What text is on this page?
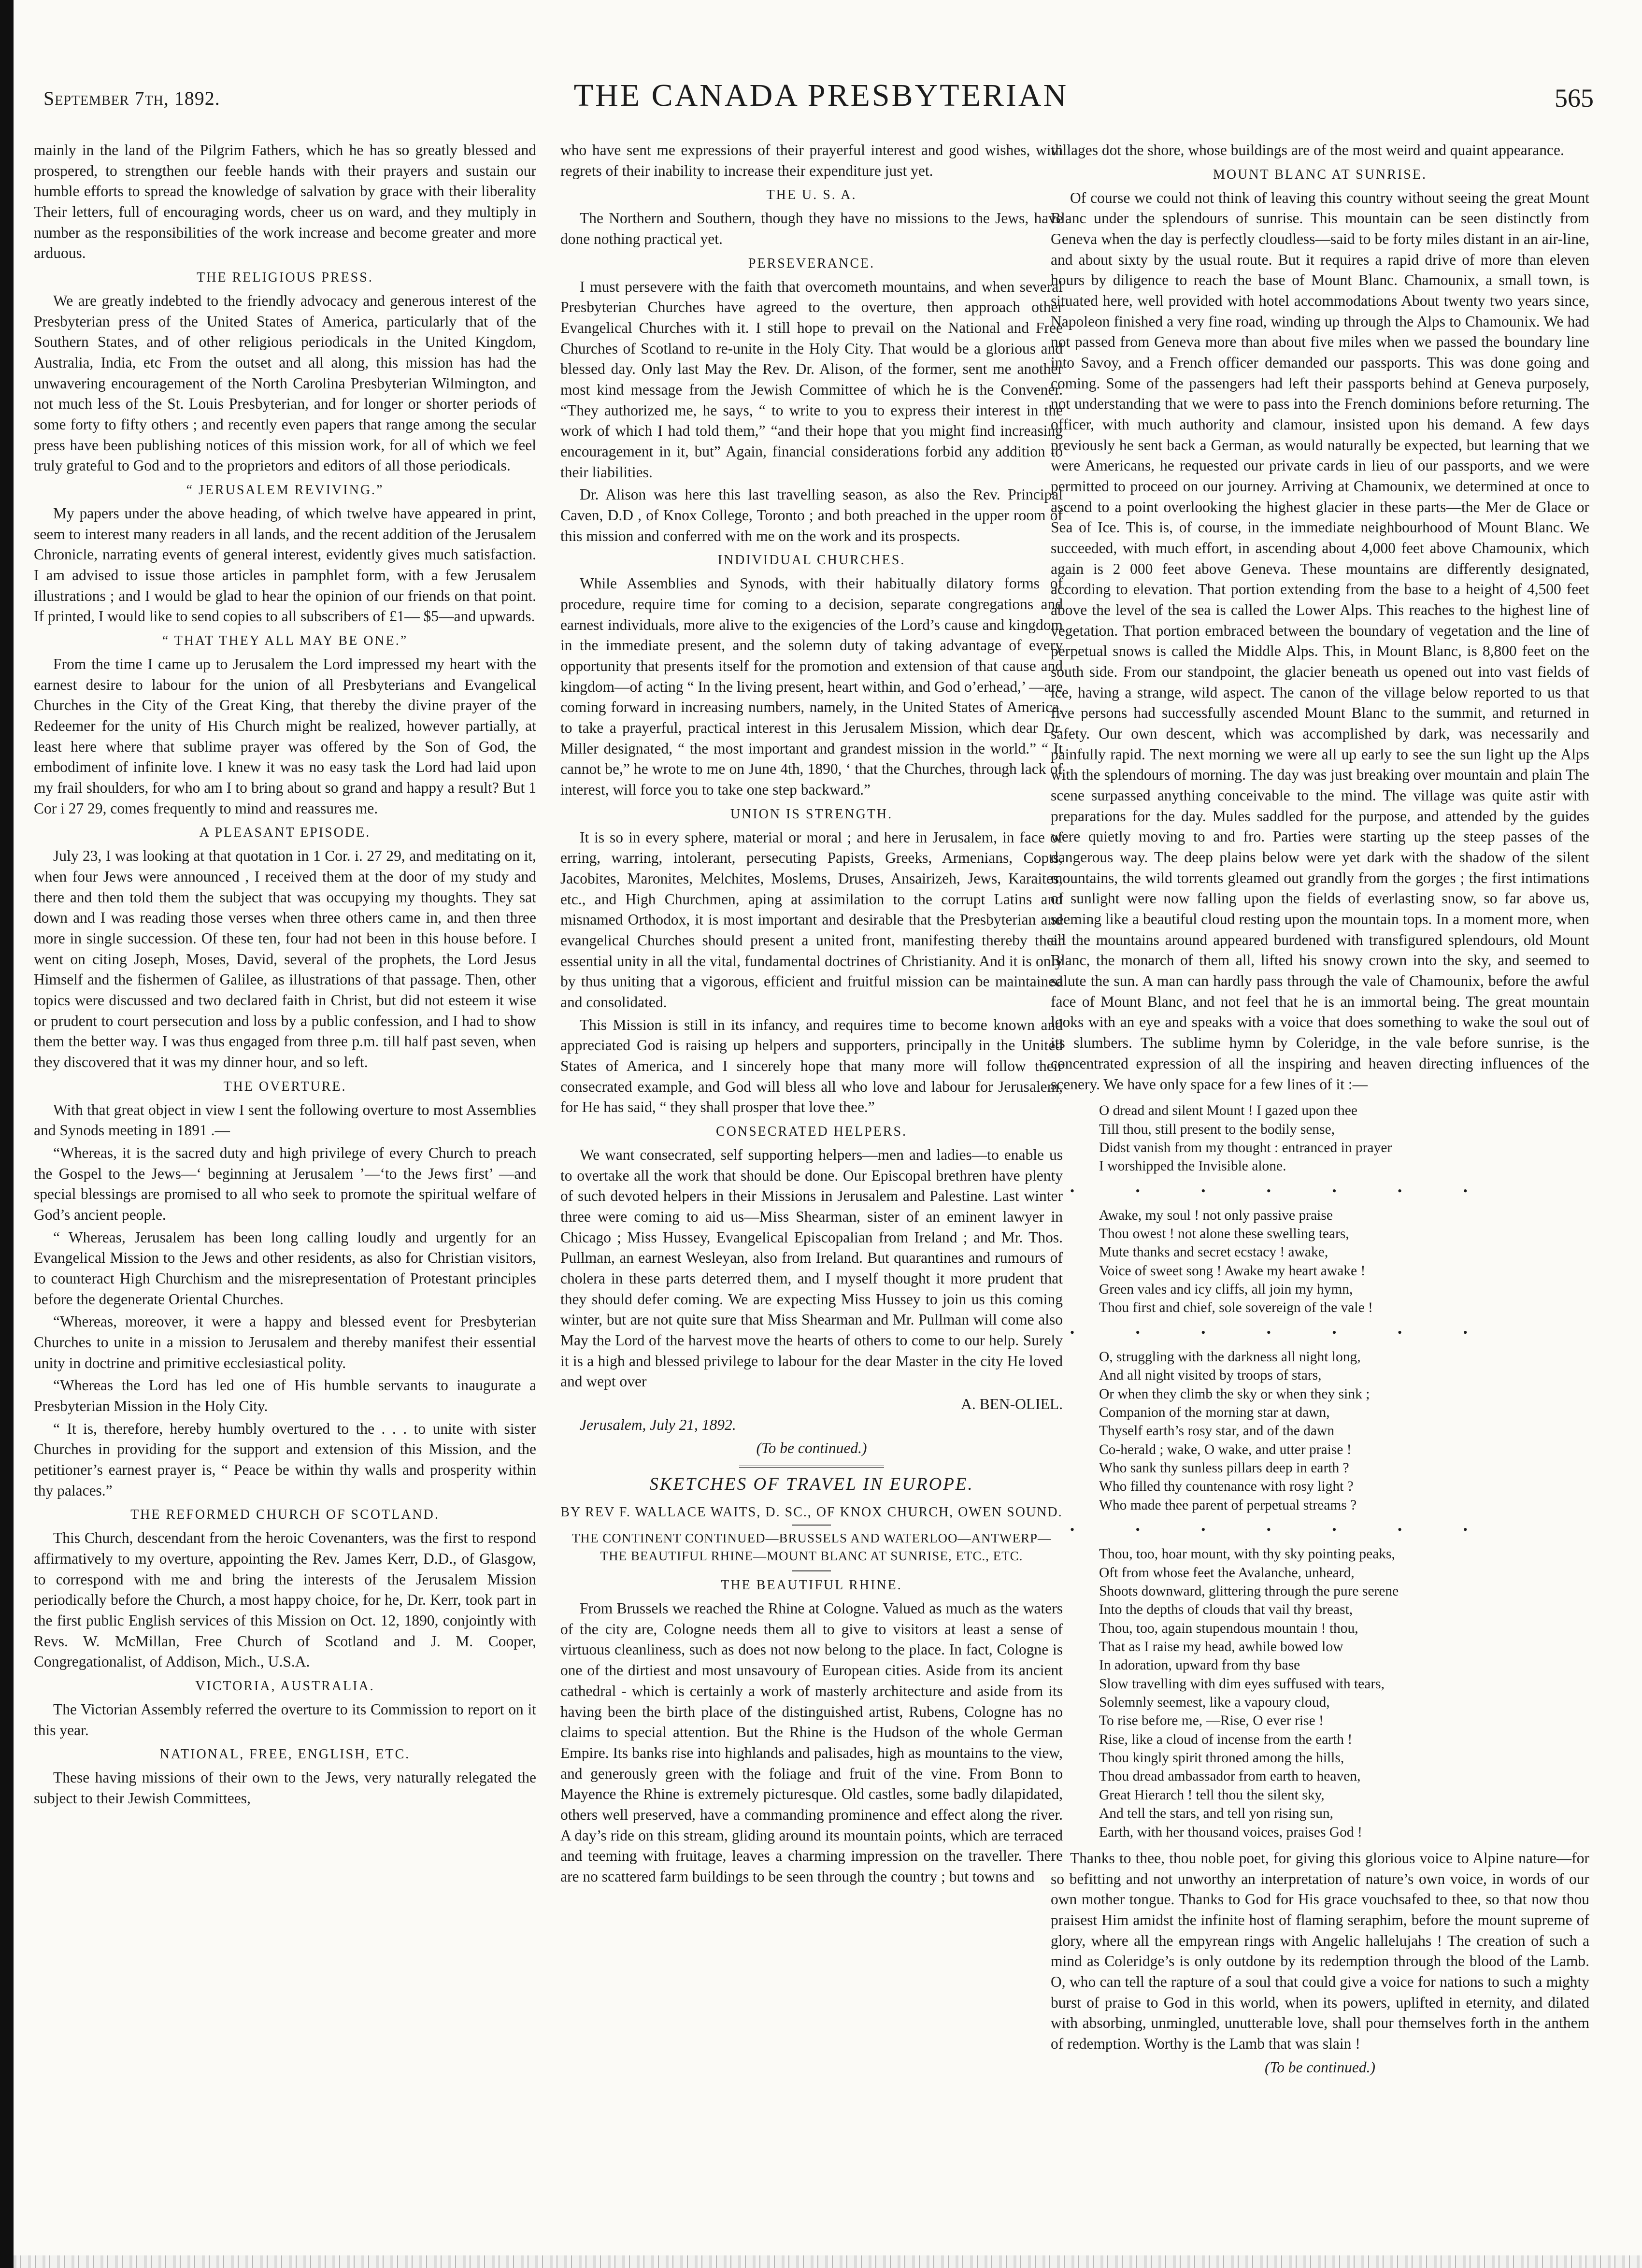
September 7th, 1892.	THE CANADA PRESBYTERIAN	565

mainly in the land of the Pilgrim Fathers, which he has so greatly blessed and prospered, to strengthen our feeble hands with their prayers and sustain our humble efforts to spread the knowledge of salvation by grace with their liberality Their letters, full of encouraging words, cheer us on ward, and they multiply in number as the responsibilities of the work increase and become greater and more arduous.

THE RELIGIOUS PRESS.

We are greatly indebted to the friendly advocacy and generous interest of the Presbyterian press of the United States of America, particularly that of the Southern States, and of other religious periodicals in the United Kingdom, Australia, India, etc From the outset and all along, this mission has had the unwavering encouragement of the North Carolina Presbyterian Wilmington, and not much less of the St. Louis Presbyterian, and for longer or shorter periods of some forty to fifty others ; and recently even papers that range among the secular press have been publishing notices of this mission work, for all of which we feel truly grateful to God and to the proprietors and editors of all those periodicals.

“ JERUSALEM REVIVING.”

My papers under the above heading, of which twelve have appeared in print, seem to interest many readers in all lands, and the recent addition of the Jerusalem Chronicle, narrating events of general interest, evidently gives much satisfaction. I am advised to issue those articles in pamphlet form, with a few Jerusalem illustrations ; and I would be glad to hear the opinion of our friends on that point. If printed, I would like to send copies to all subscribers of £1— $5—and upwards.

“ THAT THEY ALL MAY BE ONE.”

From the time I came up to Jerusalem the Lord impressed my heart with the earnest desire to labour for the union of all Presbyterians and Evangelical Churches in the City of the Great King, that thereby the divine prayer of the Redeemer for the unity of His Church might be realized, however partially, at least here where that sublime prayer was offered by the Son of God, the embodiment of infinite love. I knew it was no easy task the Lord had laid upon my frail shoulders, for who am I to bring about so grand and happy a result? But 1 Cor i 27 29, comes frequently to mind and reassures me.

A PLEASANT EPISODE.

July 23, I was looking at that quotation in 1 Cor. i. 27 29, and meditating on it, when four Jews were announced , I received them at the door of my study and there and then told them the subject that was occupying my thoughts. They sat down and I was reading those verses when three others came in, and then three more in single succession. Of these ten, four had not been in this house before. I went on citing Joseph, Moses, David, several of the prophets, the Lord Jesus Himself and the fishermen of Galilee, as illustrations of that passage. Then, other topics were discussed and two declared faith in Christ, but did not esteem it wise or prudent to court persecution and loss by a public confession, and I had to show them the better way. I was thus engaged from three p.m. till half past seven, when they discovered that it was my dinner hour, and so left.

THE OVERTURE.

With that great object in view I sent the following overture to most Assemblies and Synods meeting in 1891 .—

“Whereas, it is the sacred duty and high privilege of every Church to preach the Gospel to the Jews—‘ beginning at Jerusalem ’—‘to the Jews first’ —and special blessings are promised to all who seek to promote the spiritual welfare of God’s ancient people.

“ Whereas, Jerusalem has been long calling loudly and urgently for an Evangelical Mission to the Jews and other residents, as also for Christian visitors, to counteract High Churchism and the misrepresentation of Protestant principles before the degenerate Oriental Churches.

“Whereas, moreover, it were a happy and blessed event for Presbyterian Churches to unite in a mission to Jerusalem and thereby manifest their essential unity in doctrine and primitive ecclesiastical polity.

“Whereas the Lord has led one of His humble servants to inaugurate a Presbyterian Mission in the Holy City.

“ It is, therefore, hereby humbly overtured to the . . . to unite with sister Churches in providing for the support and extension of this Mission, and the petitioner’s earnest prayer is, “ Peace be within thy walls and prosperity within thy palaces.”

THE REFORMED CHURCH OF SCOTLAND.

This Church, descendant from the heroic Covenanters, was the first to respond affirmatively to my overture, appointing the Rev. James Kerr, D.D., of Glasgow, to correspond with me and bring the interests of the Jerusalem Mission periodically before the Church, a most happy choice, for he, Dr. Kerr, took part in the first public English services of this Mission on Oct. 12, 1890, conjointly with Revs. W. McMillan, Free Church of Scotland and J. M. Cooper, Congregationalist, of Addison, Mich., U.S.A.

VICTORIA, AUSTRALIA.

The Victorian Assembly referred the overture to its Commission to report on it this year.

NATIONAL, FREE, ENGLISH, ETC.

These having missions of their own to the Jews, very naturally relegated the subject to their Jewish Committees,

who have sent me expressions of their prayerful interest and good wishes, with regrets of their inability to increase their expenditure just yet.

THE U. S. A.

The Northern and Southern, though they have no missions to the Jews, have done nothing practical yet.

PERSEVERANCE.

I must persevere with the faith that overcometh mountains, and when several Presbyterian Churches have agreed to the overture, then approach other Evangelical Churches with it. I still hope to prevail on the National and Free Churches of Scotland to re-unite in the Holy City. That would be a glorious and blessed day. Only last May the Rev. Dr. Alison, of the former, sent me another most kind message from the Jewish Committee of which he is the Convener. “They authorized me, he says, “ to write to you to express their interest in the work of which I had told them,” “and their hope that you might find increasing encouragement in it, but” Again, financial considerations forbid any addition to their liabilities.

Dr. Alison was here this last travelling season, as also the Rev. Principal Caven, D.D , of Knox College, Toronto ; and both preached in the upper room of this mission and conferred with me on the work and its prospects.

INDIVIDUAL CHURCHES.

While Assemblies and Synods, with their habitually dilatory forms of procedure, require time for coming to a decision, separate congregations and earnest individuals, more alive to the exigencies of the Lord’s cause and kingdom in the immediate present, and the solemn duty of taking advantage of every opportunity that presents itself for the promotion and extension of that cause and kingdom—of acting “ In the living present, heart within, and God o’erhead,’ —are coming forward in increasing numbers, namely, in the United States of America, to take a prayerful, practical interest in this Jerusalem Mission, which dear Dr. Miller designated, “ the most important and grandest mission in the world.” “ It cannot be,” he wrote to me on June 4th, 1890, ‘ that the Churches, through lack of interest, will force you to take one step backward.”

UNION IS STRENGTH.

It is so in every sphere, material or moral ; and here in Jerusalem, in face of erring, warring, intolerant, persecuting Papists, Greeks, Armenians, Copts, Jacobites, Maronites, Melchites, Moslems, Druses, Ansairizeh, Jews, Karaites, etc., and High Churchmen, aping at assimilation to the corrupt Latins and misnamed Orthodox, it is most important and desirable that the Presbyterian and evangelical Churches should present a united front, manifesting thereby their essential unity in all the vital, fundamental doctrines of Christianity. And it is only by thus uniting that a vigorous, efficient and fruitful mission can be maintained and consolidated.

This Mission is still in its infancy, and requires time to become known and appreciated God is raising up helpers and supporters, principally in the United States of America, and I sincerely hope that many more will follow their consecrated example, and God will bless all who love and labour for Jerusalem, for He has said, “ they shall prosper that love thee.”

CONSECRATED HELPERS.

We want consecrated, self supporting helpers—men and ladies—to enable us to overtake all the work that should be done. Our Episcopal brethren have plenty of such devoted helpers in their Missions in Jerusalem and Palestine. Last winter three were coming to aid us—Miss Shearman, sister of an eminent lawyer in Chicago ; Miss Hussey, Evangelical Episcopalian from Ireland ; and Mr. Thos. Pullman, an earnest Wesleyan, also from Ireland. But quarantines and rumours of cholera in these parts deterred them, and I myself thought it more prudent that they should defer coming. We are expecting Miss Hussey to join us this coming winter, but are not quite sure that Miss Shearman and Mr. Pullman will come also May the Lord of the harvest move the hearts of others to come to our help. Surely it is a high and blessed privilege to labour for the dear Master in the city He loved and wept over

A. BEN-OLIEL.

Jerusalem, July 21, 1892.

(To be continued.)

SKETCHES OF TRAVEL IN EUROPE.

BY REV F. WALLACE WAITS, D. SC., OF KNOX CHURCH, OWEN SOUND.

THE CONTINENT CONTINUED—BRUSSELS AND WATERLOO—ANTWERP—THE BEAUTIFUL RHINE—MOUNT BLANC AT SUNRISE, ETC., ETC.

THE BEAUTIFUL RHINE.

From Brussels we reached the Rhine at Cologne. Valued as much as the waters of the city are, Cologne needs them all to give to visitors at least a sense of virtuous cleanliness, such as does not now belong to the place. In fact, Cologne is one of the dirtiest and most unsavoury of European cities. Aside from its ancient cathedral - which is certainly a work of masterly architecture and aside from its having been the birth place of the distinguished artist, Rubens, Cologne has no claims to special attention. But the Rhine is the Hudson of the whole German Empire. Its banks rise into highlands and palisades, high as mountains to the view, and generously green with the foliage and fruit of the vine. From Bonn to Mayence the Rhine is extremely picturesque. Old castles, some badly dilapidated, others well preserved, have a commanding prominence and effect along the river. A day’s ride on this stream, gliding around its mountain points, which are terraced and teeming with fruitage, leaves a charming impression on the traveller. There are no scattered farm buildings to be seen through the country ; but towns and

villages dot the shore, whose buildings are of the most weird and quaint appearance.

MOUNT BLANC AT SUNRISE.

Of course we could not think of leaving this country without seeing the great Mount Blanc under the splendours of sunrise. This mountain can be seen distinctly from Geneva when the day is perfectly cloudless—said to be forty miles distant in an air-line, and about sixty by the usual route. But it requires a rapid drive of more than eleven hours by diligence to reach the base of Mount Blanc. Chamounix, a small town, is situated here, well provided with hotel accommodations About twenty two years since, Napoleon finished a very fine road, winding up through the Alps to Chamounix. We had not passed from Geneva more than about five miles when we passed the boundary line into Savoy, and a French officer demanded our passports. This was done going and coming. Some of the passengers had left their passports behind at Geneva purposely, not understanding that we were to pass into the French dominions before returning. The officer, with much authority and clamour, insisted upon his demand. A few days previously he sent back a German, as would naturally be expected, but learning that we were Americans, he requested our private cards in lieu of our passports, and we were permitted to proceed on our journey. Arriving at Chamounix, we determined at once to ascend to a point overlooking the highest glacier in these parts—the Mer de Glace or Sea of Ice. This is, of course, in the immediate neighbourhood of Mount Blanc. We succeeded, with much effort, in ascending about 4,000 feet above Chamounix, which again is 2 000 feet above Geneva. These mountains are differently designated, according to elevation. That portion extending from the base to a height of 4,500 feet above the level of the sea is called the Lower Alps. This reaches to the highest line of vegetation. That portion embraced between the boundary of vegetation and the line of perpetual snows is called the Middle Alps. This, in Mount Blanc, is 8,800 feet on the south side. From our standpoint, the glacier beneath us opened out into vast fields of ice, having a strange, wild aspect. The canon of the village below reported to us that five persons had successfully ascended Mount Blanc to the summit, and returned in safety. Our own descent, which was accomplished by dark, was necessarily and painfully rapid. The next morning we were all up early to see the sun light up the Alps with the splendours of morning. The day was just breaking over mountain and plain The scene surpassed anything conceivable to the mind. The village was quite astir with preparations for the day. Mules saddled for the purpose, and attended by the guides were quietly moving to and fro. Parties were starting up the steep passes of the dangerous way. The deep plains below were yet dark with the shadow of the silent mountains, the wild torrents gleamed out grandly from the gorges ; the first intimations of sunlight were now falling upon the fields of everlasting snow, so far above us, seeming like a beautiful cloud resting upon the mountain tops. In a moment more, when all the mountains around appeared burdened with transfigured splendours, old Mount Blanc, the monarch of them all, lifted his snowy crown into the sky, and seemed to salute the sun. A man can hardly pass through the vale of Chamounix, before the awful face of Mount Blanc, and not feel that he is an immortal being. The great mountain looks with an eye and speaks with a voice that does something to wake the soul out of its slumbers. The sublime hymn by Coleridge, in the vale before sunrise, is the concentrated expression of all the inspiring and heaven directing influences of the scenery. We have only space for a few lines of it :—

O dread and silent Mount ! I gazed upon thee
Till thou, still present to the bodily sense,
Didst vanish from my thought : entranced in prayer
I worshipped the Invisible alone.
• • • • • • •
Awake, my soul ! not only passive praise
Thou owest ! not alone these swelling tears,
Mute thanks and secret ecstacy ! awake,
Voice of sweet song ! Awake my heart awake !
Green vales and icy cliffs, all join my hymn,
Thou first and chief, sole sovereign of the vale !
• • • • • • •
O, struggling with the darkness all night long,
And all night visited by troops of stars,
Or when they climb the sky or when they sink ;
Companion of the morning star at dawn,
Thyself earth’s rosy star, and of the dawn
Co-herald ; wake, O wake, and utter praise !
Who sank thy sunless pillars deep in earth ?
Who filled thy countenance with rosy light ?
Who made thee parent of perpetual streams ?
• • • • • • •
Thou, too, hoar mount, with thy sky pointing peaks,
Oft from whose feet the Avalanche, unheard,
Shoots downward, glittering through the pure serene
Into the depths of clouds that vail thy breast,
Thou, too, again stupendous mountain ! thou,
That as I raise my head, awhile bowed low
In adoration, upward from thy base
Slow travelling with dim eyes suffused with tears,
Solemnly seemest, like a vapoury cloud,
To rise before me, —Rise, O ever rise !
Rise, like a cloud of incense from the earth !
Thou kingly spirit throned among the hills,
Thou dread ambassador from earth to heaven,
Great Hierarch ! tell thou the silent sky,
And tell the stars, and tell yon rising sun,
Earth, with her thousand voices, praises God !

Thanks to thee, thou noble poet, for giving this glorious voice to Alpine nature—for so befitting and not unworthy an interpretation of nature’s own voice, in words of our own mother tongue. Thanks to God for His grace vouchsafed to thee, so that now thou praisest Him amidst the infinite host of flaming seraphim, before the mount supreme of glory, where all the empyrean rings with Angelic hallelujahs ! The creation of such a mind as Coleridge’s is only outdone by its redemption through the blood of the Lamb. O, who can tell the rapture of a soul that could give a voice for nations to such a mighty burst of praise to God in this world, when its powers, uplifted in eternity, and dilated with absorbing, unmingled, unutterable love, shall pour themselves forth in the anthem of redemption. Worthy is the Lamb that was slain !

(To be continued.)
